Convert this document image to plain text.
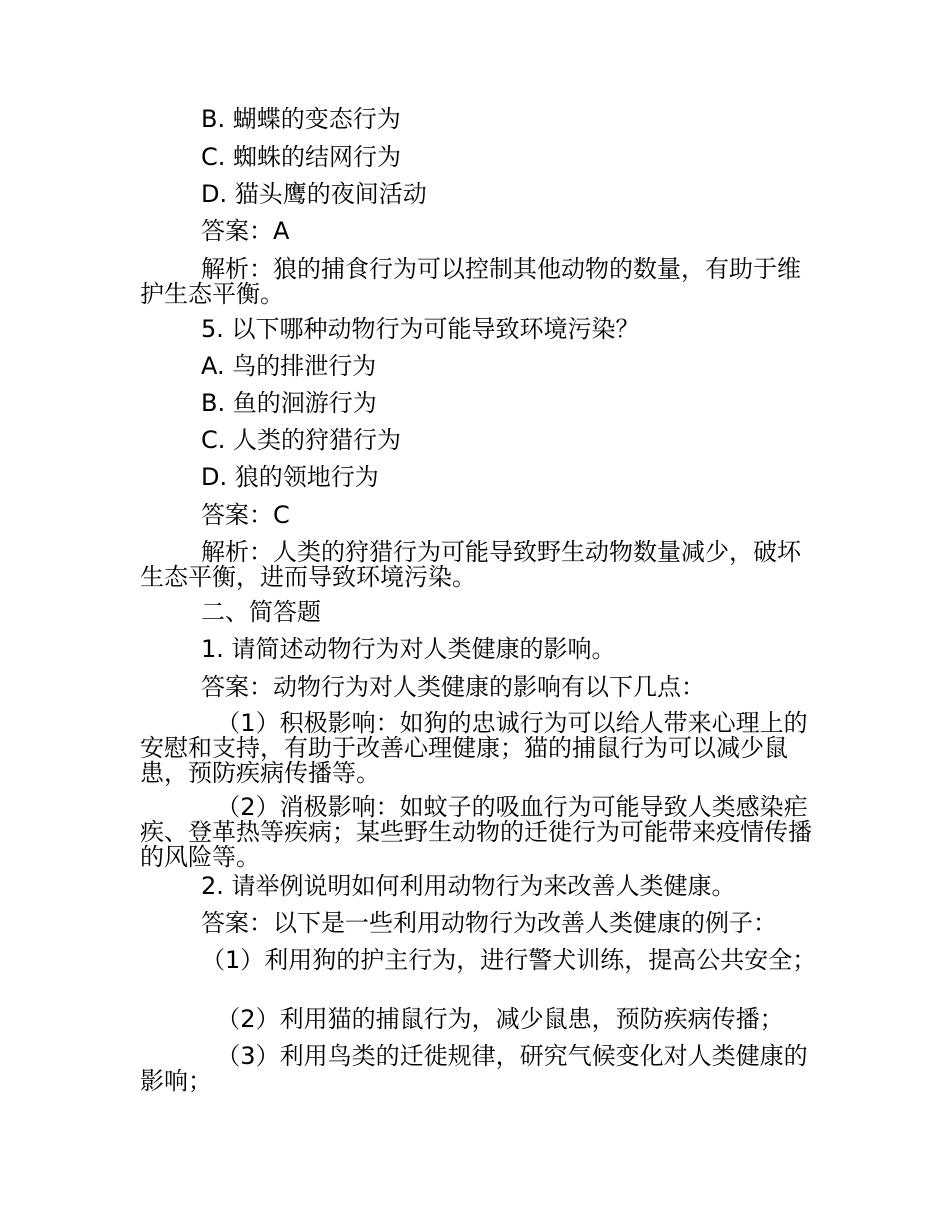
B. 蝴蝶的变态行为

C. 蜘蛛的结网行为

D. 猫头鹰的夜间活动

答案：A

解析：狼的捕食行为可以控制其他动物的数量，有助于维护生态平衡。

5. 以下哪种动物行为可能导致环境污染？

A. 鸟的排泄行为

B. 鱼的洄游行为

C. 人类的狩猎行为

D. 狼的领地行为

答案：C

解析：人类的狩猎行为可能导致野生动物数量减少，破坏生态平衡，进而导致环境污染。

二、简答题

1. 请简述动物行为对人类健康的影响。

答案：动物行为对人类健康的影响有以下几点：

（1）积极影响：如狗的忠诚行为可以给人带来心理上的安慰和支持，有助于改善心理健康；猫的捕鼠行为可以减少鼠患，预防疾病传播等。

（2）消极影响：如蚊子的吸血行为可能导致人类感染疟疾、登革热等疾病；某些野生动物的迁徙行为可能带来疫情传播的风险等。

2. 请举例说明如何利用动物行为来改善人类健康。

答案：以下是一些利用动物行为改善人类健康的例子：

（1）利用狗的护主行为，进行警犬训练，提高公共安全；

（2）利用猫的捕鼠行为，减少鼠患，预防疾病传播；

（3）利用鸟类的迁徙规律，研究气候变化对人类健康的影响；
